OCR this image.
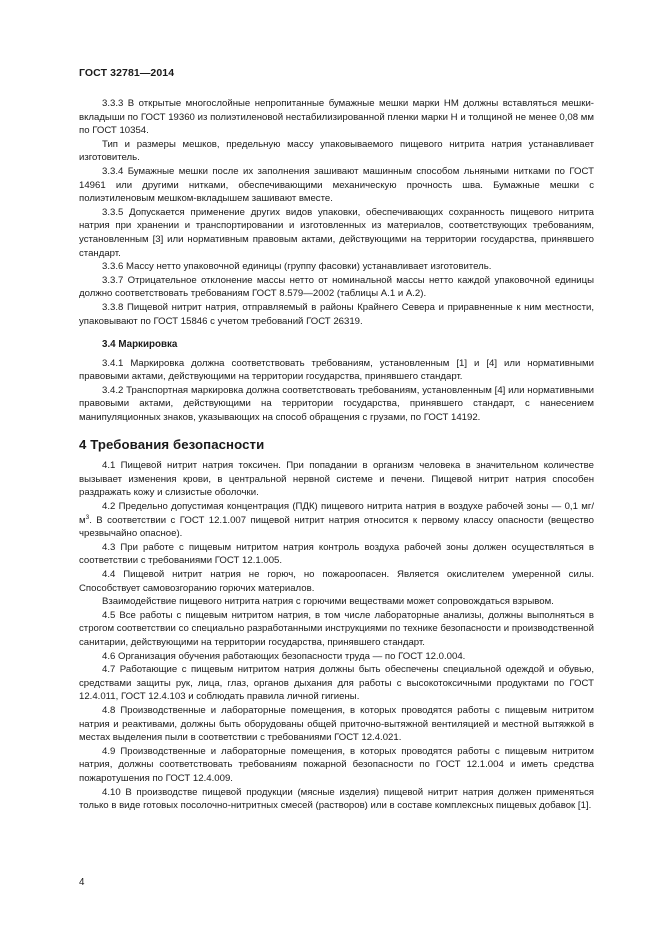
ГОСТ 32781—2014

3.3.3 В открытые многослойные непропитанные бумажные мешки марки НМ должны вставляться мешки-вкладыши по ГОСТ 19360 из полиэтиленовой нестабилизированной пленки марки Н и толщиной не менее 0,08 мм по ГОСТ 10354.

Тип и размеры мешков, предельную массу упаковываемого пищевого нитрита натрия устанавливает изготовитель.

3.3.4 Бумажные мешки после их заполнения зашивают машинным способом льняными нитками по ГОСТ 14961 или другими нитками, обеспечивающими механическую прочность шва. Бумажные мешки с полиэтиленовым мешком-вкладышем зашивают вместе.

3.3.5 Допускается применение других видов упаковки, обеспечивающих сохранность пищевого нитрита натрия при хранении и транспортировании и изготовленных из материалов, соответствующих требованиям, установленным [3] или нормативным правовым актами, действующими на территории государства, принявшего стандарт.

3.3.6 Массу нетто упаковочной единицы (группу фасовки) устанавливает изготовитель.

3.3.7 Отрицательное отклонение массы нетто от номинальной массы нетто каждой упаковочной единицы должно соответствовать требованиям ГОСТ 8.579—2002 (таблицы А.1 и А.2).

3.3.8 Пищевой нитрит натрия, отправляемый в районы Крайнего Севера и приравненные к ним местности, упаковывают по ГОСТ 15846 с учетом требований ГОСТ 26319.

3.4 Маркировка

3.4.1 Маркировка должна соответствовать требованиям, установленным [1] и [4] или нормативными правовыми актами, действующими на территории государства, принявшего стандарт.

3.4.2 Транспортная маркировка должна соответствовать требованиям, установленным [4] или нормативными правовыми актами, действующими на территории государства, принявшего стандарт, с нанесением манипуляционных знаков, указывающих на способ обращения с грузами, по ГОСТ 14192.

4 Требования безопасности

4.1 Пищевой нитрит натрия токсичен. При попадании в организм человека в значительном количестве вызывает изменения крови, в центральной нервной системе и печени. Пищевой нитрит натрия способен раздражать кожу и слизистые оболочки.

4.2 Предельно допустимая концентрация (ПДК) пищевого нитрита натрия в воздухе рабочей зоны — 0,1 $мг/м^3$. В соответствии с ГОСТ 12.1.007 пищевой нитрит натрия относится к первому классу опасности (вещество чрезвычайно опасное).

4.3 При работе с пищевым нитритом натрия контроль воздуха рабочей зоны должен осуществляться в соответствии с требованиями ГОСТ 12.1.005.

4.4 Пищевой нитрит натрия не горюч, но пожароопасен. Является окислителем умеренной силы. Способствует самовозгоранию горючих материалов.

Взаимодействие пищевого нитрита натрия с горючими веществами может сопровождаться взрывом.

4.5 Все работы с пищевым нитритом натрия, в том числе лабораторные анализы, должны выполняться в строгом соответствии со специально разработанными инструкциями по технике безопасности и производственной санитарии, действующими на территории государства, принявшего стандарт.

4.6 Организация обучения работающих безопасности труда — по ГОСТ 12.0.004.

4.7 Работающие с пищевым нитритом натрия должны быть обеспечены специальной одеждой и обувью, средствами защиты рук, лица, глаз, органов дыхания для работы с высокотоксичными продуктами по ГОСТ 12.4.011, ГОСТ 12.4.103 и соблюдать правила личной гигиены.

4.8 Производственные и лабораторные помещения, в которых проводятся работы с пищевым нитритом натрия и реактивами, должны быть оборудованы общей приточно-вытяжной вентиляцией и местной вытяжкой в местах выделения пыли в соответствии с требованиями ГОСТ 12.4.021.

4.9 Производственные и лабораторные помещения, в которых проводятся работы с пищевым нитритом натрия, должны соответствовать требованиям пожарной безопасности по ГОСТ 12.1.004 и иметь средства пожаротушения по ГОСТ 12.4.009.

4.10 В производстве пищевой продукции (мясные изделия) пищевой нитрит натрия должен применяться только в виде готовых посолочно-нитритных смесей (растворов) или в составе комплексных пищевых добавок [1].

4
